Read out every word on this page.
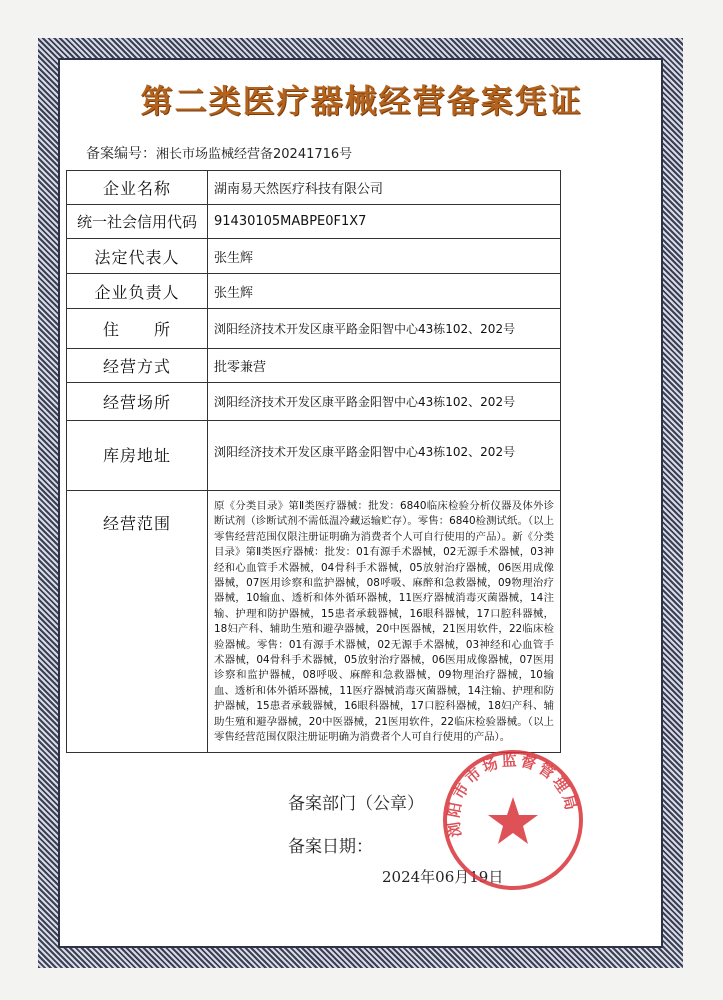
第二类医疗器械经营备案凭证
备案编号：湘长市场监械经营备20241716号
企业名称	湖南易天然医疗科技有限公司
统一社会信用代码	91430105MABPE0F1X7
法定代表人	张生辉
企业负责人	张生辉
住　　所	浏阳经济技术开发区康平路金阳智中心43栋102、202号
经营方式	批零兼营
经营场所	浏阳经济技术开发区康平路金阳智中心43栋102、202号
库房地址	浏阳经济技术开发区康平路金阳智中心43栋102、202号
经营范围	原《分类目录》第Ⅱ类医疗器械：批发：6840临床检验分析仪器及体外诊断试剂（诊断试剂不需低温冷藏运输贮存）。零售：6840检测试纸。（以上零售经营范围仅限注册证明确为消费者个人可自行使用的产品）。新《分类目录》第Ⅱ类医疗器械：批发：01有源手术器械，02无源手术器械，03神经和心血管手术器械，04骨科手术器械，05放射治疗器械，06医用成像器械，07医用诊察和监护器械，08呼吸、麻醉和急救器械，09物理治疗器械，10输血、透析和体外循环器械，11医疗器械消毒灭菌器械，14注输、护理和防护器械，15患者承载器械，16眼科器械，17口腔科器械，18妇产科、辅助生殖和避孕器械，20中医器械，21医用软件，22临床检验器械。零售：01有源手术器械，02无源手术器械，03神经和心血管手术器械，04骨科手术器械，05放射治疗器械，06医用成像器械，07医用诊察和监护器械，08呼吸、麻醉和急救器械，09物理治疗器械，10输血、透析和体外循环器械，11医疗器械消毒灭菌器械，14注输、护理和防护器械，15患者承载器械，16眼科器械，17口腔科器械，18妇产科、辅助生殖和避孕器械，20中医器械，21医用软件，22临床检验器械。（以上零售经营范围仅限注册证明确为消费者个人可自行使用的产品）。
备案部门（公章）
备案日期：
2024年06月19日
浏阳市市场监督管理局
